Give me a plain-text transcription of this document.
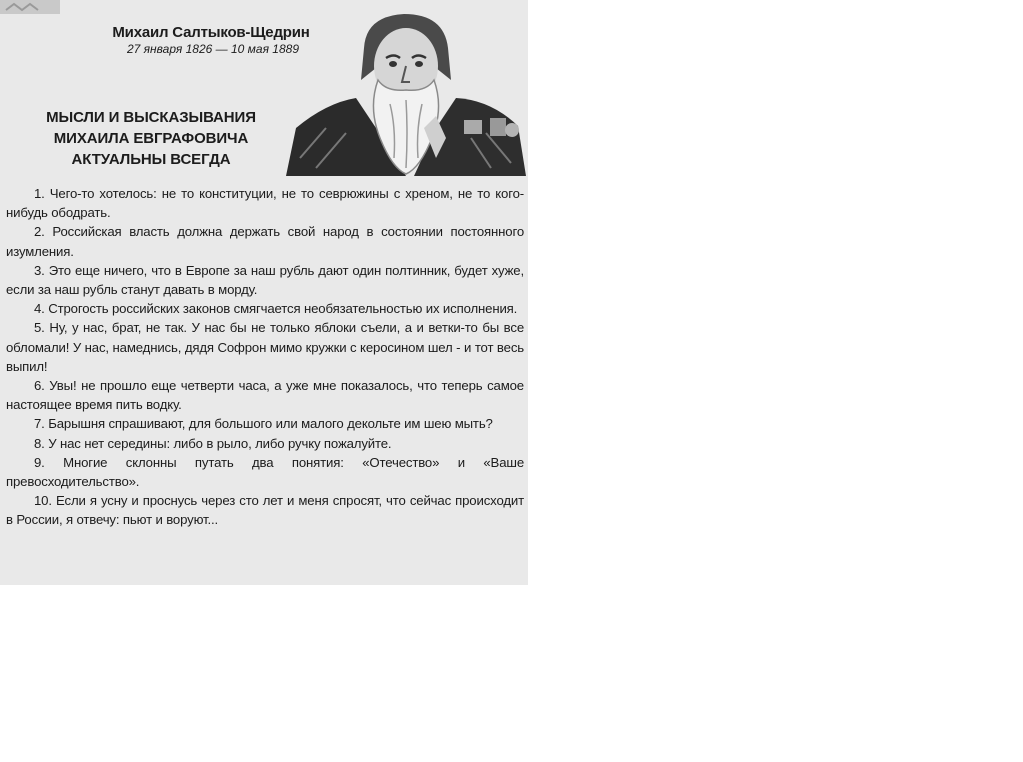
Михаил Салтыков-Щедрин
27 января 1826 — 10 мая 1889
МЫСЛИ И ВЫСКАЗЫВАНИЯ
МИХАИЛА ЕВГРАФОВИЧА
АКТУАЛЬНЫ ВСЕГДА

1. Чего-то хотелось: не то конституции, не то севрюжины с хреном, не то кого-нибудь ободрать.

2. Российская власть должна держать свой народ в состоянии постоянного изумления.

3. Это еще ничего, что в Европе за наш рубль дают один полтинник, будет хуже, если за наш рубль станут давать в морду.

4. Строгость российских законов смягчается необязательностью их исполнения.

5. Ну, у нас, брат, не так. У нас бы не только яблоки съели, а и ветки-то бы все обломали! У нас, намеднись, дядя Софрон мимо кружки с керосином шел - и тот весь выпил!

6. Увы! не прошло еще четверти часа, а уже мне показалось, что теперь самое настоящее время пить водку.

7. Барышня спрашивают, для большого или малого декольте им шею мыть?

8. У нас нет середины: либо в рыло, либо ручку пожалуйте.

9. Многие склонны путать два понятия: «Отечество» и «Ваше превосходительство».

10. Если я усну и проснусь через сто лет и меня спросят, что сейчас происходит в России, я отвечу: пьют и воруют...
